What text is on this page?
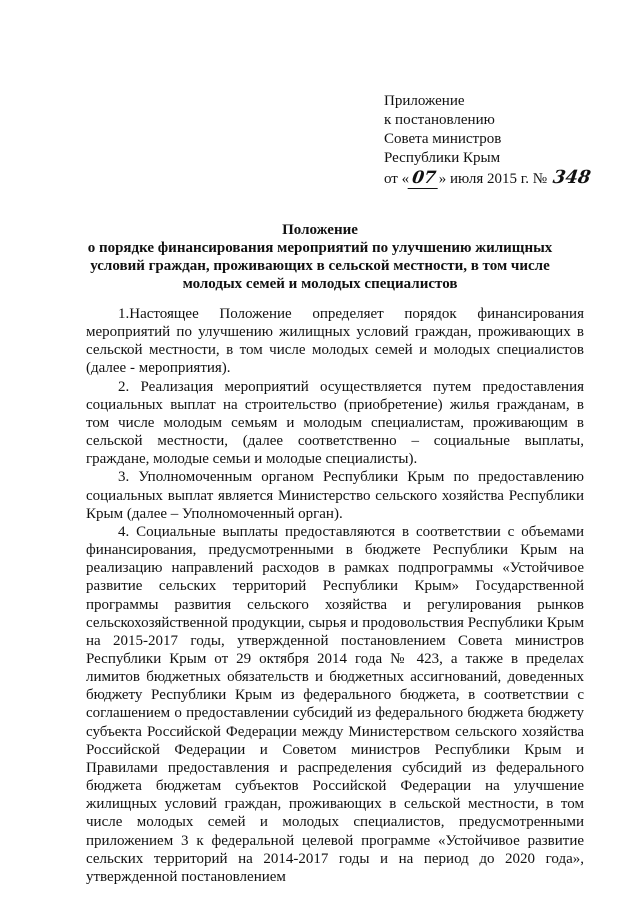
Приложение
к постановлению
Совета министров
Республики Крым
от « 07» июля 2015 г. № 348
Положение
о порядке финансирования мероприятий по улучшению жилищных
условий граждан, проживающих в сельской местности, в том числе
молодых семей и молодых специалистов

1.Настоящее Положение определяет порядок финансирования мероприятий по улучшению жилищных условий граждан, проживающих в сельской местности, в том числе молодых семей и молодых специалистов (далее - мероприятия).

2. Реализация мероприятий осуществляется путем предоставления социальных выплат на строительство (приобретение) жилья гражданам, в том числе молодым семьям и молодым специалистам, проживающим в сельской местности, (далее соответственно – социальные выплаты, граждане, молодые семьи и молодые специалисты).

3. Уполномоченным органом Республики Крым по предоставлению социальных выплат является Министерство сельского хозяйства Республики Крым (далее – Уполномоченный орган).

4. Социальные выплаты предоставляются в соответствии с объемами финансирования, предусмотренными в бюджете Республики Крым на реализацию направлений расходов в рамках подпрограммы «Устойчивое развитие сельских территорий Республики Крым» Государственной программы развития сельского хозяйства и регулирования рынков сельскохозяйственной продукции, сырья и продовольствия Республики Крым на 2015-2017 годы, утвержденной постановлением Совета министров Республики Крым от 29 октября 2014 года № 423, а также в пределах лимитов бюджетных обязательств и бюджетных ассигнований, доведенных бюджету Республики Крым из федерального бюджета, в соответствии с соглашением о предоставлении субсидий из федерального бюджета бюджету субъекта Российской Федерации между Министерством сельского хозяйства Российской Федерации и Советом министров Республики Крым и Правилами предоставления и распределения субсидий из федерального бюджета бюджетам субъектов Российской Федерации на улучшение жилищных условий граждан, проживающих в сельской местности, в том числе молодых семей и молодых специалистов, предусмотренными приложением 3 к федеральной целевой программе «Устойчивое развитие сельских территорий на 2014-2017 годы и на период до 2020 года», утвержденной постановлением
